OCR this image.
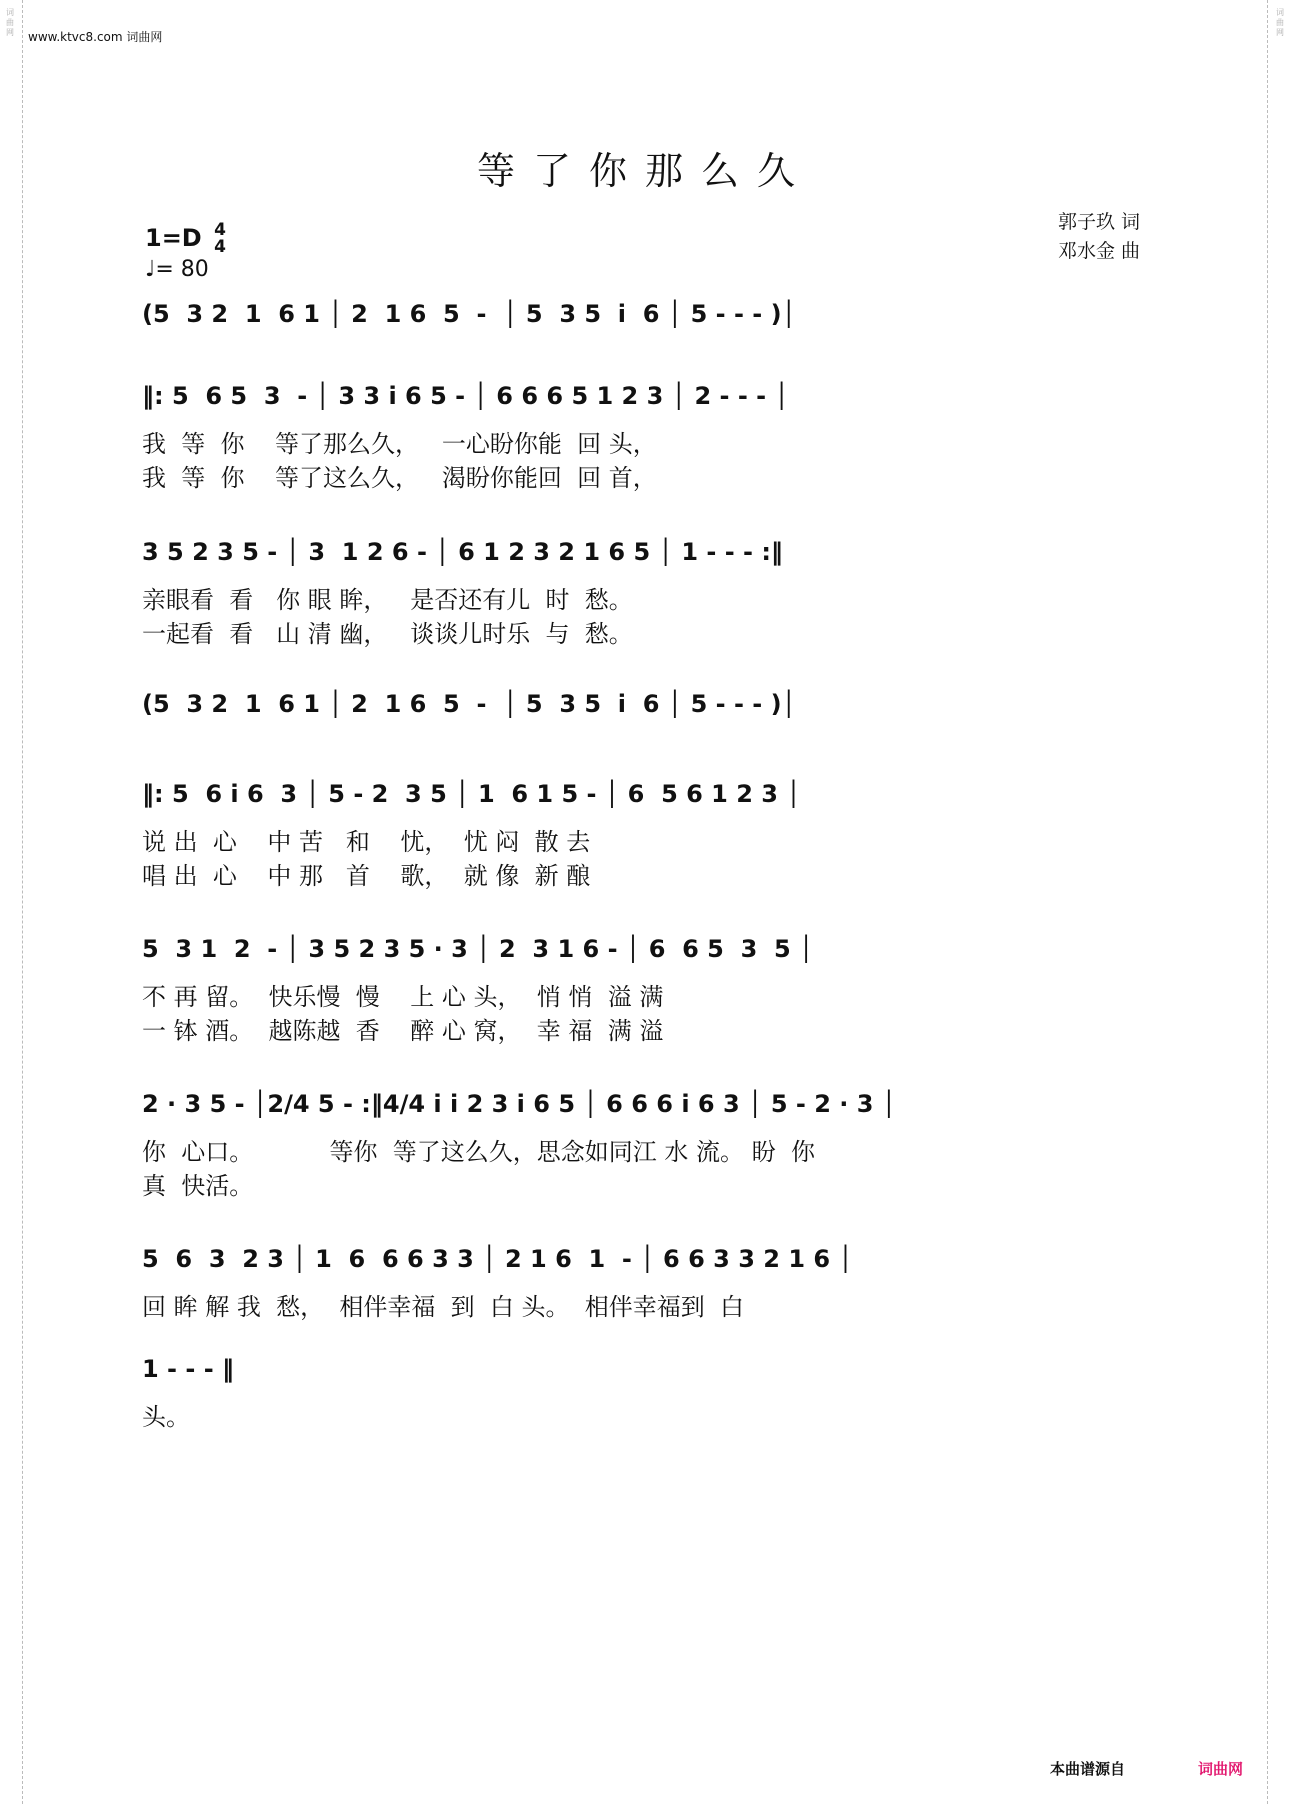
www.ktvc8.com 词曲网
等了你那么久
1=D 4
4
♩= 80
郭子玖 词
邓水金 曲
(5  3 2  1  6 1 │ 2  1 6  5  -  │ 5  3 5  i  6 │ 5 - - - )│
‖: 5  6 5  3  - │ 3 3 i 6 5 - │ 6 6 6 5 1 2 3 │ 2 - - - │
我  等  你    等了那么久，   一心盼你能  回 头，
我  等  你    等了这么久，   渴盼你能回  回 首，
3 5 2 3 5 - │ 3  1 2 6 - │ 6 1 2 3 2 1 6 5 │ 1 - - - :‖
亲眼看  看   你 眼 眸，   是否还有儿  时  愁。
一起看  看   山 清 幽，   谈谈儿时乐  与  愁。
(5  3 2  1  6 1 │ 2  1 6  5  -  │ 5  3 5  i  6 │ 5 - - - )│
‖: 5  6 i 6  3 │ 5 - 2  3 5 │ 1  6 1 5 - │ 6  5 6 1 2 3 │
说 出  心    中 苦   和    忧，  忧 闷  散 去
唱 出  心    中 那   首    歌，  就 像  新 酿
5  3 1  2  - │ 3 5 2 3 5 · 3 │ 2  3 1 6 - │ 6  6 5  3  5 │
不 再 留。  快乐慢  慢    上 心 头，  悄 悄  溢 满
一 钵 酒。  越陈越  香    醉 心 窝，  幸 福  满 溢
2 · 3 5 - │2/4 5 - :‖4/4 i i 2 3 i 6 5 │ 6 6 6 i 6 3 │ 5 - 2 · 3 │
你  心口。          等你  等了这么久，思念如同江 水 流。 盼  你
真  快活。
5  6  3  2 3 │ 1  6  6 6 3 3 │ 2 1 6  1  - │ 6 6 3 3 2 1 6 │
回 眸 解 我  愁，  相伴幸福  到  白 头。  相伴幸福到  白
1 - - - ‖
头。
本曲谱源自	词曲网
词
曲
网
词
曲
网
